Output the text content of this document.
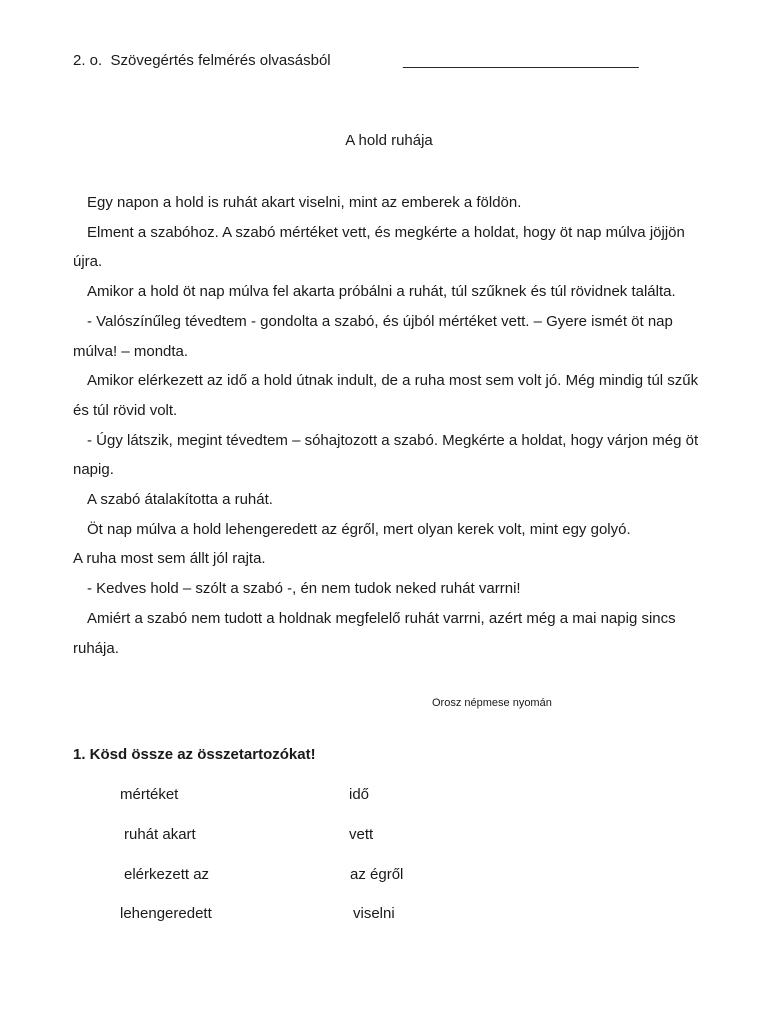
2. o.  Szövegértés felmérés olvasásból	______________________________
A hold ruhája

Egy napon a hold is ruhát akart viselni, mint az emberek a földön.

Elment a szabóhoz. A szabó mértéket vett, és megkérte a holdat, hogy öt nap múlva jöjjön újra.

Amikor a hold öt nap múlva fel akarta próbálni a ruhát, túl szűknek és túl rövidnek találta.

- Valószínűleg tévedtem - gondolta a szabó, és újból mértéket vett. – Gyere ismét öt nap múlva! – mondta.

Amikor elérkezett az idő a hold útnak indult, de a ruha most sem volt jó. Még mindig túl szűk és túl rövid volt.

- Úgy látszik, megint tévedtem – sóhajtozott a szabó. Megkérte a holdat, hogy várjon még öt napig.

A szabó átalakította a ruhát.

Öt nap múlva a hold lehengeredett az égről, mert olyan kerek volt, mint egy golyó.

A ruha most sem állt jól rajta.

- Kedves hold – szólt a szabó -, én nem tudok neked ruhát varrni!

Amiért a szabó nem tudott a holdnak megfelelő ruhát varrni, azért még a mai napig sincs ruhája.

Orosz népmese nyomán
1. Kösd össze az összetartozókat!
mértéket
ruhát akart
elérkezett az
lehengeredett
idő
vett
az égről
viselni
